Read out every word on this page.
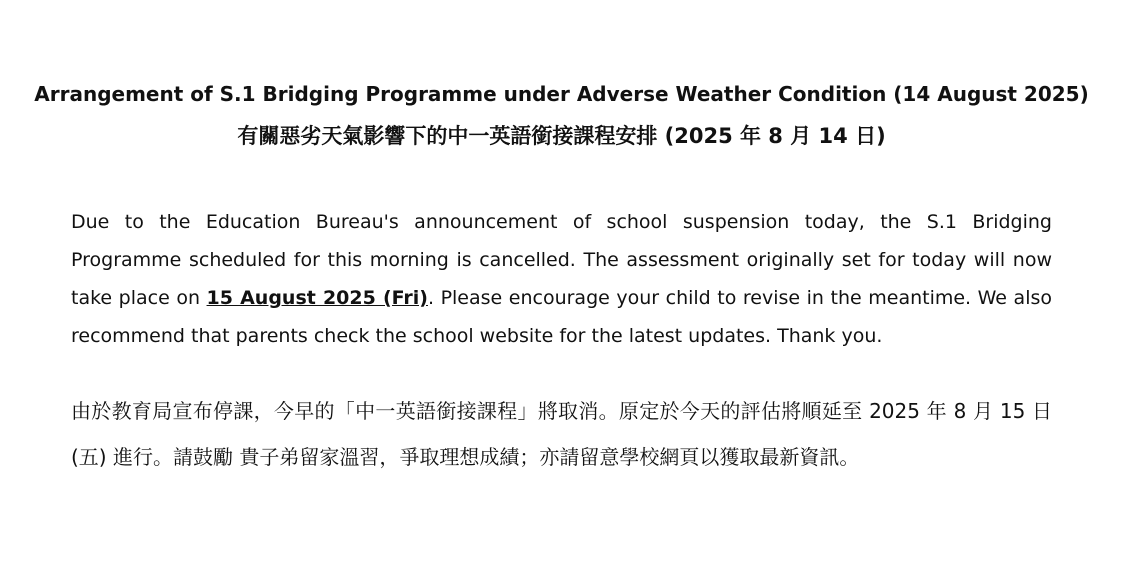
Arrangement of S.1 Bridging Programme under Adverse Weather Condition (14 August 2025)
有關惡劣天氣影響下的中一英語銜接課程安排 (2025 年 8 月 14 日)

Due to the Education Bureau's announcement of school suspension today, the S.1 Bridging Programme scheduled for this morning is cancelled. The assessment originally set for today will now take place on 15 August 2025 (Fri). Please encourage your child to revise in the meantime. We also recommend that parents check the school website for the latest updates. Thank you.

由於教育局宣布停課，今早的「中一英語銜接課程」將取消。原定於今天的評估將順延至 2025 年 8 月 15 日 (五) 進行。請鼓勵 貴子弟留家溫習，爭取理想成績；亦請留意學校網頁以獲取最新資訊。
